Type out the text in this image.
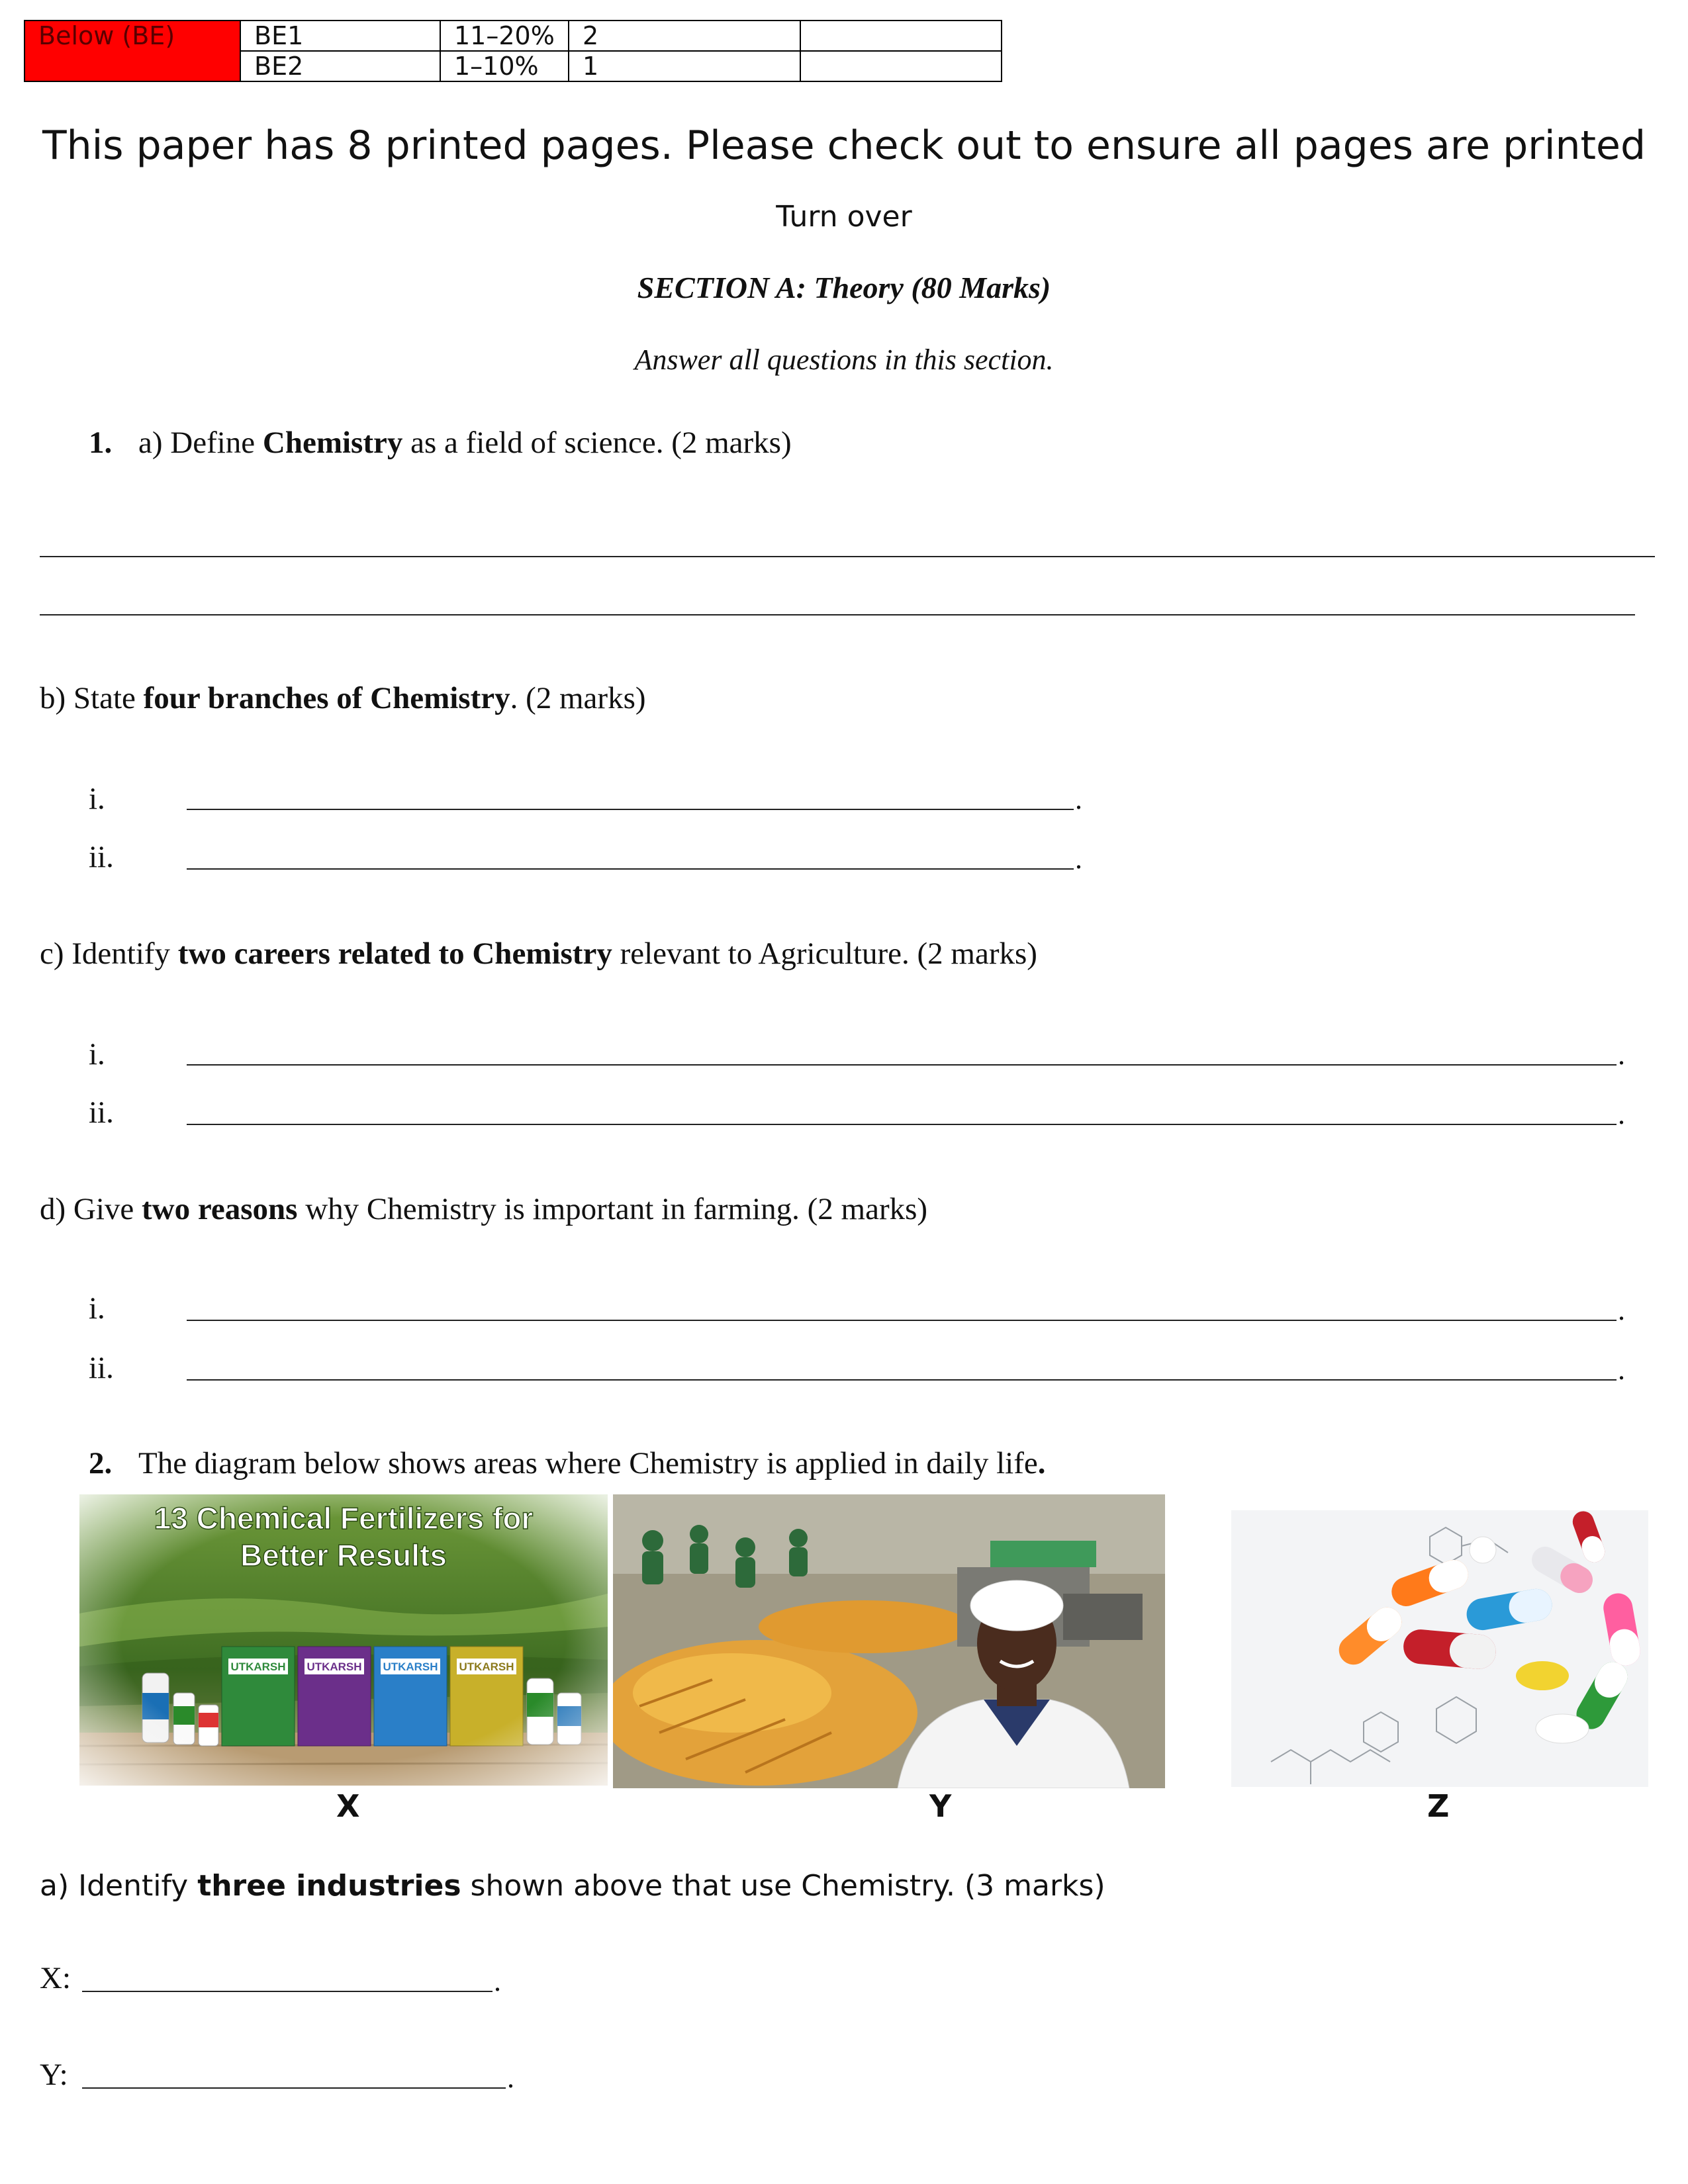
Below (BE)	BE1	11–20%	2	
	BE2	1–10%	1	
This paper has 8 printed pages. Please check out to ensure all pages are printed
Turn over
SECTION A: Theory (80 Marks)
Answer all questions in this section.
1. a) Define Chemistry as a field of science. (2 marks)
b) State four branches of Chemistry. (2 marks)
i.	.
ii.	.
c) Identify two careers related to Chemistry relevant to Agriculture. (2 marks)
i.	.
ii.	.
d) Give two reasons why Chemistry is important in farming. (2 marks)
i.	.
ii.	.
2. The diagram below shows areas where Chemistry is applied in daily life.
13 Chemical Fertilizers for
Better Results
UTKARSH UTKARSH UTKARSH UTKARSH
X	Y	Z
a) Identify three industries shown above that use Chemistry. (3 marks)
X:	.
Y:	.
